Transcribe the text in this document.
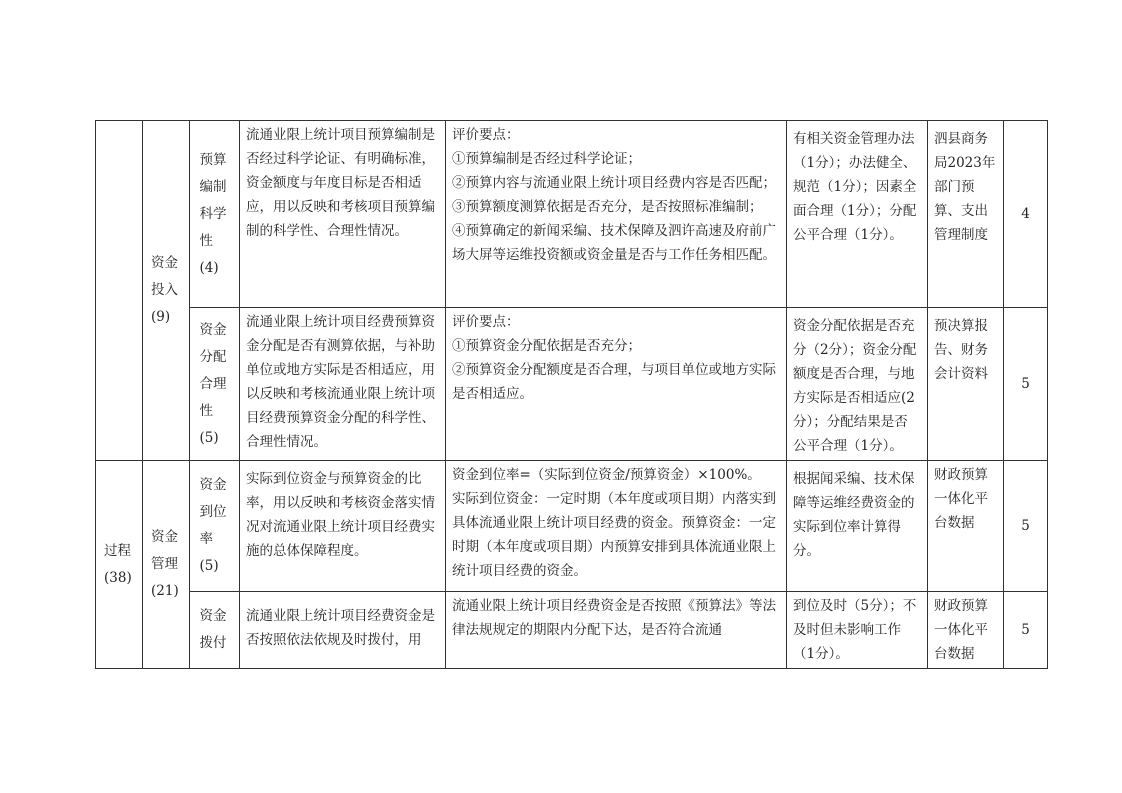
	资金投入(9)	预算编制科学性(4)	流通业限上统计项目预算编制是否经过科学论证、有明确标准，资金额度与年度目标是否相适应，用以反映和考核项目预算编制的科学性、合理性情况。	评价要点：
①预算编制是否经过科学论证；
②预算内容与流通业限上统计项目经费内容是否匹配；
③预算额度测算依据是否充分，是否按照标准编制；
④预算确定的新闻采编、技术保障及泗许高速及府前广场大屏等运维投资额或资金量是否与工作任务相匹配。	有相关资金管理办法（1分）；办法健全、规范（1分）；因素全面合理（1分）；分配公平合理（1分）。	泗县商务局2023年部门预算、支出管理制度	4
		资金分配合理性(5)	流通业限上统计项目经费预算资金分配是否有测算依据，与补助单位或地方实际是否相适应，用以反映和考核流通业限上统计项目经费预算资金分配的科学性、合理性情况。	评价要点：
①预算资金分配依据是否充分；
②预算资金分配额度是否合理，与项目单位或地方实际是否相适应。	资金分配依据是否充分（2分）；资金分配额度是否合理，与地方实际是否相适应(2分）；分配结果是否公平合理（1分）。	预决算报告、财务会计资料	5
过程(38)	资金管理(21)	资金到位率(5)	实际到位资金与预算资金的比率，用以反映和考核资金落实情况对流通业限上统计项目经费实施的总体保障程度。	资金到位率=（实际到位资金/预算资金）×100%。
实际到位资金：一定时期（本年度或项目期）内落实到具体流通业限上统计项目经费的资金。预算资金：一定时期（本年度或项目期）内预算安排到具体流通业限上统计项目经费的资金。	根据闻采编、技术保障等运维经费资金的实际到位率计算得分。	财政预算一体化平台数据	5
		资金拨付	流通业限上统计项目经费资金是否按照依法依规及时拨付，用	流通业限上统计项目经费资金是否按照《预算法》等法律法规规定的期限内分配下达，是否符合流通	到位及时（5分）；不及时但未影响工作（1分）。	财政预算一体化平台数据	5
